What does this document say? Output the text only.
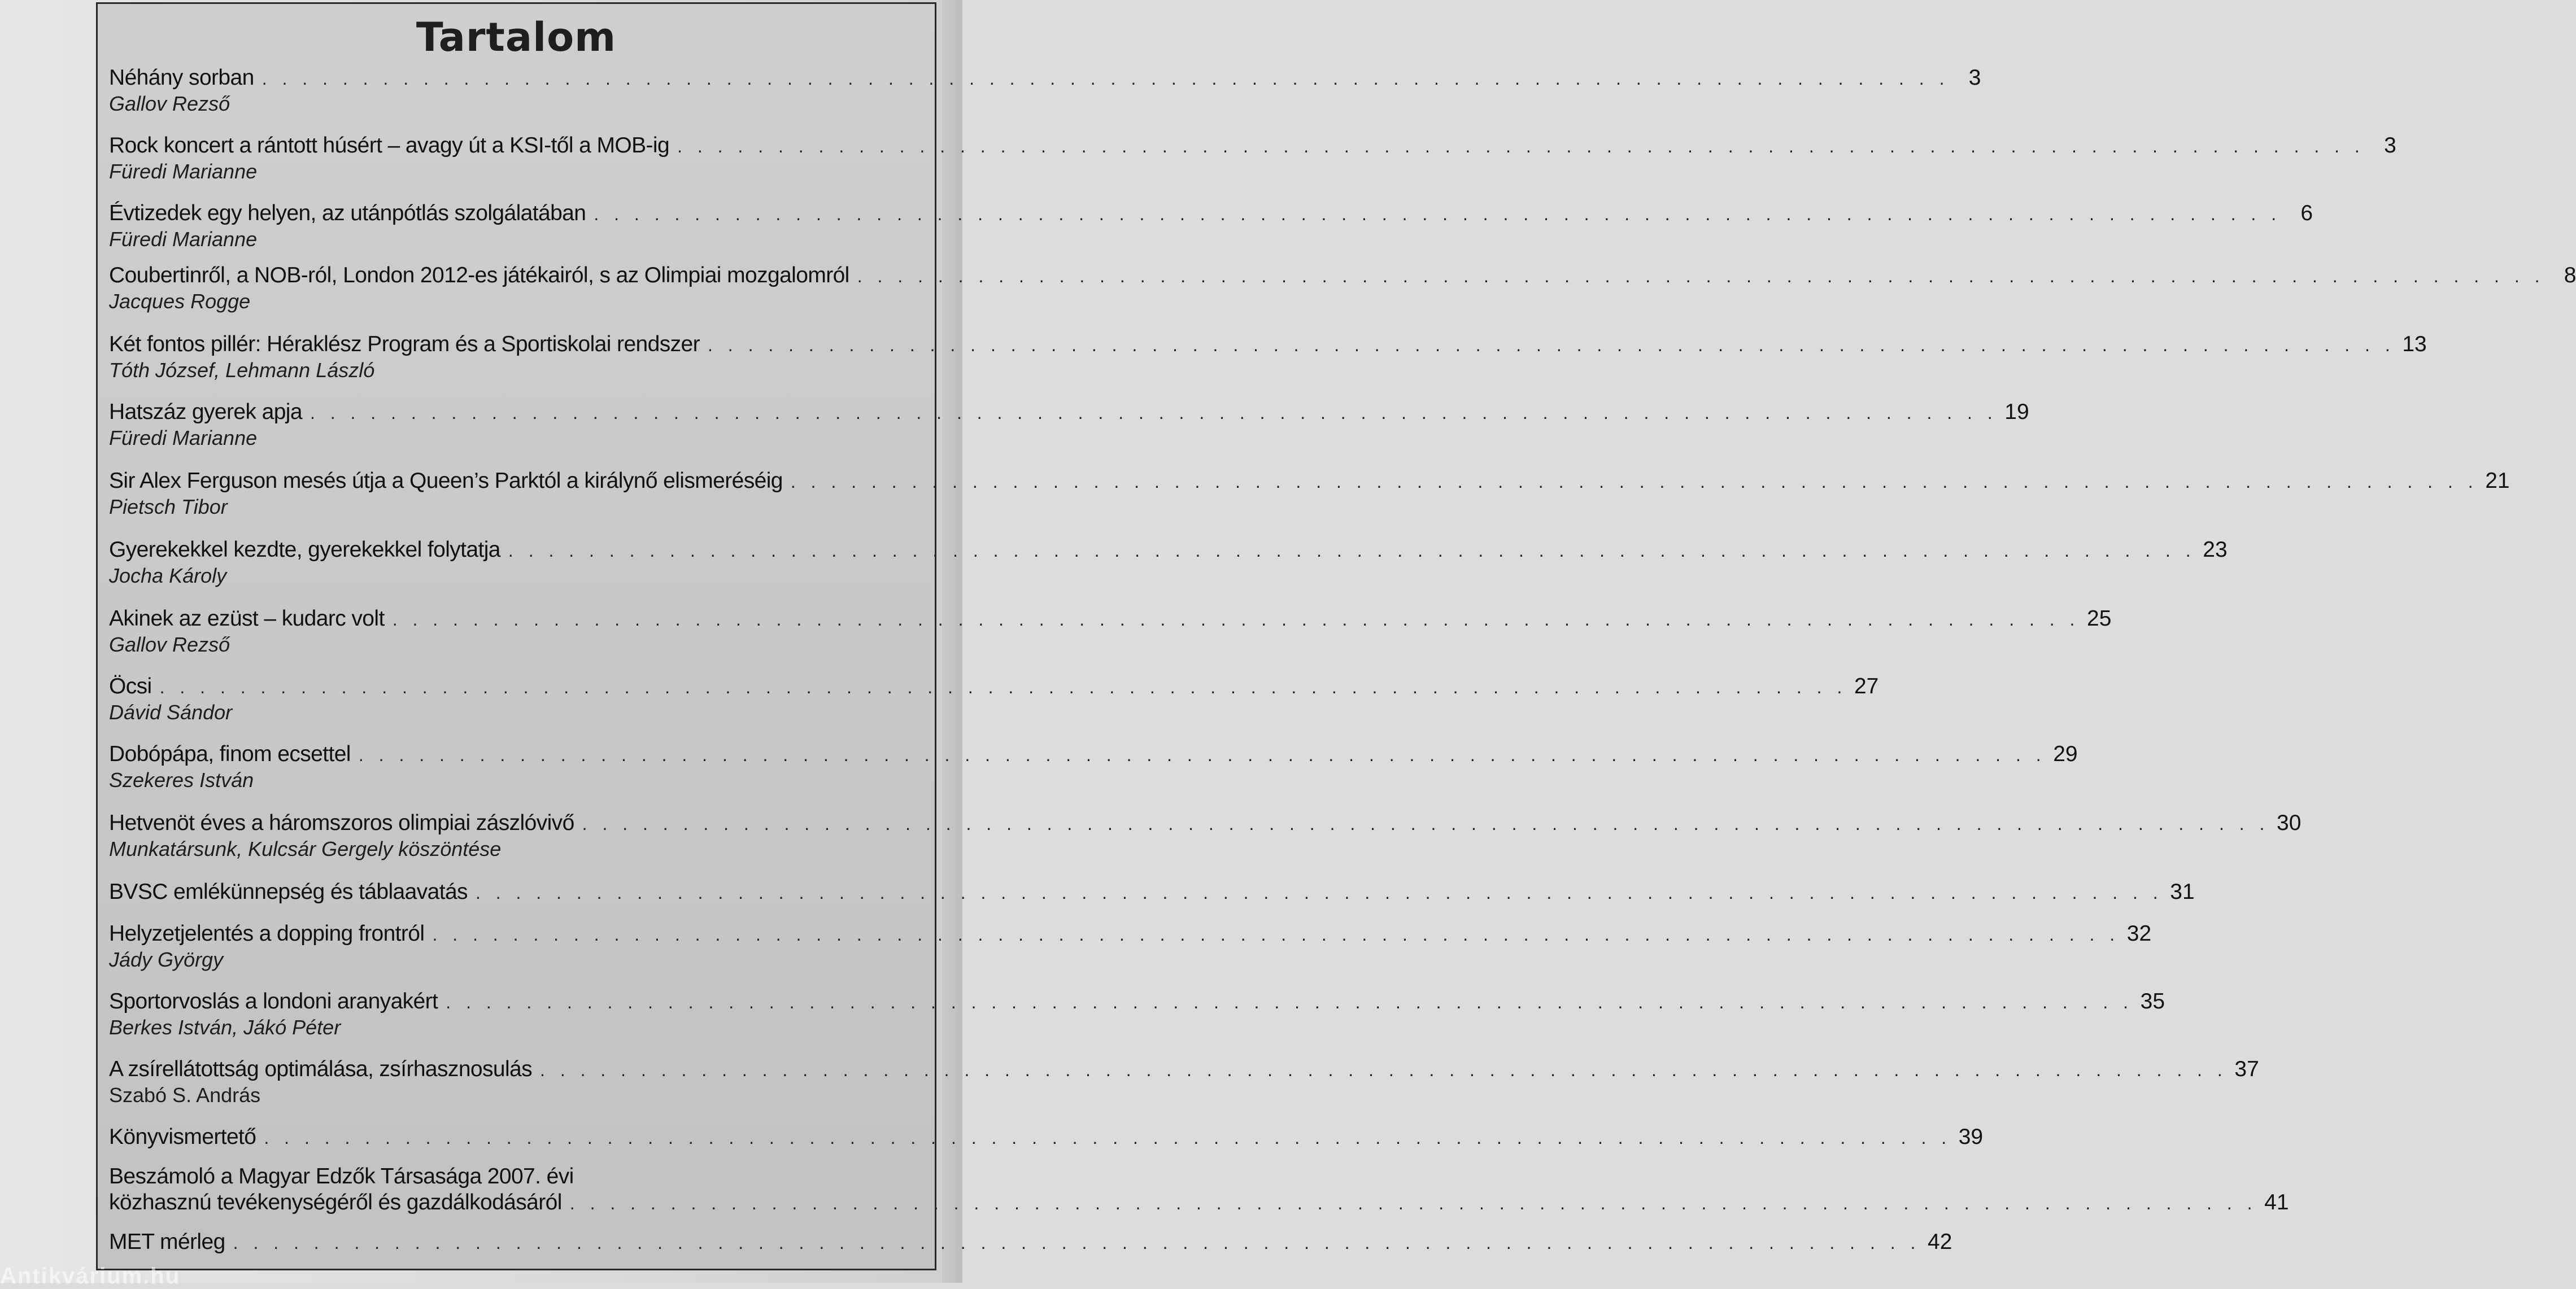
Tartalom
Néhány sorban . . . . . . . . . . . . . . . . . . . . . . . . . . . . . . . . . . . . . . . . . . . . . . . . . . . . . . . . . . . . . . . . . . . . . . . . . . . . . . . . . . . . 3
Gallov Rezső
Rock koncert a rántott húsért – avagy út a KSI-től a MOB-ig . . . . . . . . . . . . . . . . . . . . . . . . . . . . . . . . . . . . . . . . . . . . . . . . . . . . . . . . . . . . . . . . . . . . . . . . . . . . . . . . . . . . 3
Füredi Marianne
Évtizedek egy helyen, az utánpótlás szolgálatában . . . . . . . . . . . . . . . . . . . . . . . . . . . . . . . . . . . . . . . . . . . . . . . . . . . . . . . . . . . . . . . . . . . . . . . . . . . . . . . . . . . . 6
Füredi Marianne
Coubertinről, a NOB-ról, London 2012-es játékairól, s az Olimpiai mozgalomról . . . . . . . . . . . . . . . . . . . . . . . . . . . . . . . . . . . . . . . . . . . . . . . . . . . . . . . . . . . . . . . . . . . . . . . . . . . . . . . . . . . . 8
Jacques Rogge
Két fontos pillér: Héraklész Program és a Sportiskolai rendszer . . . . . . . . . . . . . . . . . . . . . . . . . . . . . . . . . . . . . . . . . . . . . . . . . . . . . . . . . . . . . . . . . . . . . . . . . . . . . . . . . . . . 13
Tóth József, Lehmann László
Hatszáz gyerek apja . . . . . . . . . . . . . . . . . . . . . . . . . . . . . . . . . . . . . . . . . . . . . . . . . . . . . . . . . . . . . . . . . . . . . . . . . . . . . . . . . . . . 19
Füredi Marianne
Sir Alex Ferguson mesés útja a Queen’s Parktól a királynő elismeréséig . . . . . . . . . . . . . . . . . . . . . . . . . . . . . . . . . . . . . . . . . . . . . . . . . . . . . . . . . . . . . . . . . . . . . . . . . . . . . . . . . . . . 21
Pietsch Tibor
Gyerekekkel kezdte, gyerekekkel folytatja . . . . . . . . . . . . . . . . . . . . . . . . . . . . . . . . . . . . . . . . . . . . . . . . . . . . . . . . . . . . . . . . . . . . . . . . . . . . . . . . . . . . 23
Jocha Károly
Akinek az ezüst – kudarc volt . . . . . . . . . . . . . . . . . . . . . . . . . . . . . . . . . . . . . . . . . . . . . . . . . . . . . . . . . . . . . . . . . . . . . . . . . . . . . . . . . . . . 25
Gallov Rezső
Öcsi . . . . . . . . . . . . . . . . . . . . . . . . . . . . . . . . . . . . . . . . . . . . . . . . . . . . . . . . . . . . . . . . . . . . . . . . . . . . . . . . . . . . 27
Dávid Sándor
Dobópápa, finom ecsettel . . . . . . . . . . . . . . . . . . . . . . . . . . . . . . . . . . . . . . . . . . . . . . . . . . . . . . . . . . . . . . . . . . . . . . . . . . . . . . . . . . . . 29
Szekeres István
Hetvenöt éves a háromszoros olimpiai zászlóvivő . . . . . . . . . . . . . . . . . . . . . . . . . . . . . . . . . . . . . . . . . . . . . . . . . . . . . . . . . . . . . . . . . . . . . . . . . . . . . . . . . . . . 30
Munkatársunk, Kulcsár Gergely köszöntése
BVSC emlékünnepség és táblaavatás . . . . . . . . . . . . . . . . . . . . . . . . . . . . . . . . . . . . . . . . . . . . . . . . . . . . . . . . . . . . . . . . . . . . . . . . . . . . . . . . . . . . 31
Helyzetjelentés a dopping frontról . . . . . . . . . . . . . . . . . . . . . . . . . . . . . . . . . . . . . . . . . . . . . . . . . . . . . . . . . . . . . . . . . . . . . . . . . . . . . . . . . . . . 32
Jády György
Sportorvoslás a londoni aranyakért . . . . . . . . . . . . . . . . . . . . . . . . . . . . . . . . . . . . . . . . . . . . . . . . . . . . . . . . . . . . . . . . . . . . . . . . . . . . . . . . . . . . 35
Berkes István, Jákó Péter
A zsírellátottság optimálása, zsírhasznosulás . . . . . . . . . . . . . . . . . . . . . . . . . . . . . . . . . . . . . . . . . . . . . . . . . . . . . . . . . . . . . . . . . . . . . . . . . . . . . . . . . . . . 37
Szabó S. András
Könyvismertető . . . . . . . . . . . . . . . . . . . . . . . . . . . . . . . . . . . . . . . . . . . . . . . . . . . . . . . . . . . . . . . . . . . . . . . . . . . . . . . . . . . . 39
Beszámoló a Magyar Edzők Társasága 2007. évi
közhasznú tevékenységéről és gazdálkodásáról . . . . . . . . . . . . . . . . . . . . . . . . . . . . . . . . . . . . . . . . . . . . . . . . . . . . . . . . . . . . . . . . . . . . . . . . . . . . . . . . . . . . 41
MET mérleg . . . . . . . . . . . . . . . . . . . . . . . . . . . . . . . . . . . . . . . . . . . . . . . . . . . . . . . . . . . . . . . . . . . . . . . . . . . . . . . . . . . . 42
Antikvárium.hu
